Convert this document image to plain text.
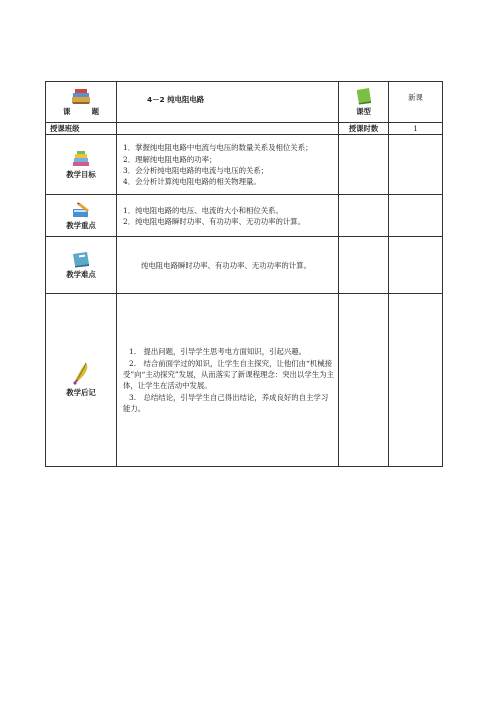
课 题	4－2 纯电阻电路	课型	新课
授课班级		授课时数	1

教学目标	1．掌握纯电阻电路中电流与电压的数量关系及相位关系；
2．理解纯电阻电路的功率；
3．会分析纯电阻电路的电流与电压的关系；
4．会分析计算纯电阻电路的相关物理量。		

教学重点	1．纯电阻电路的电压、电流的大小和相位关系。
2．纯电阻电路瞬时功率、有功功率、无功功率的计算。		

教学难点	纯电阻电路瞬时功率、有功功率、无功功率的计算。		

教学后记	1.　提出问题，引导学生思考电方面知识，引起兴趣。
2.　结合前面学过的知识，让学生自主探究，让他们由“机械接受”向“主动探究”发展，从而落实了新课程理念：突出以学生为主体，让学生在活动中发展。
3.　总结结论，引导学生自己得出结论，养成良好的自主学习能力。		
